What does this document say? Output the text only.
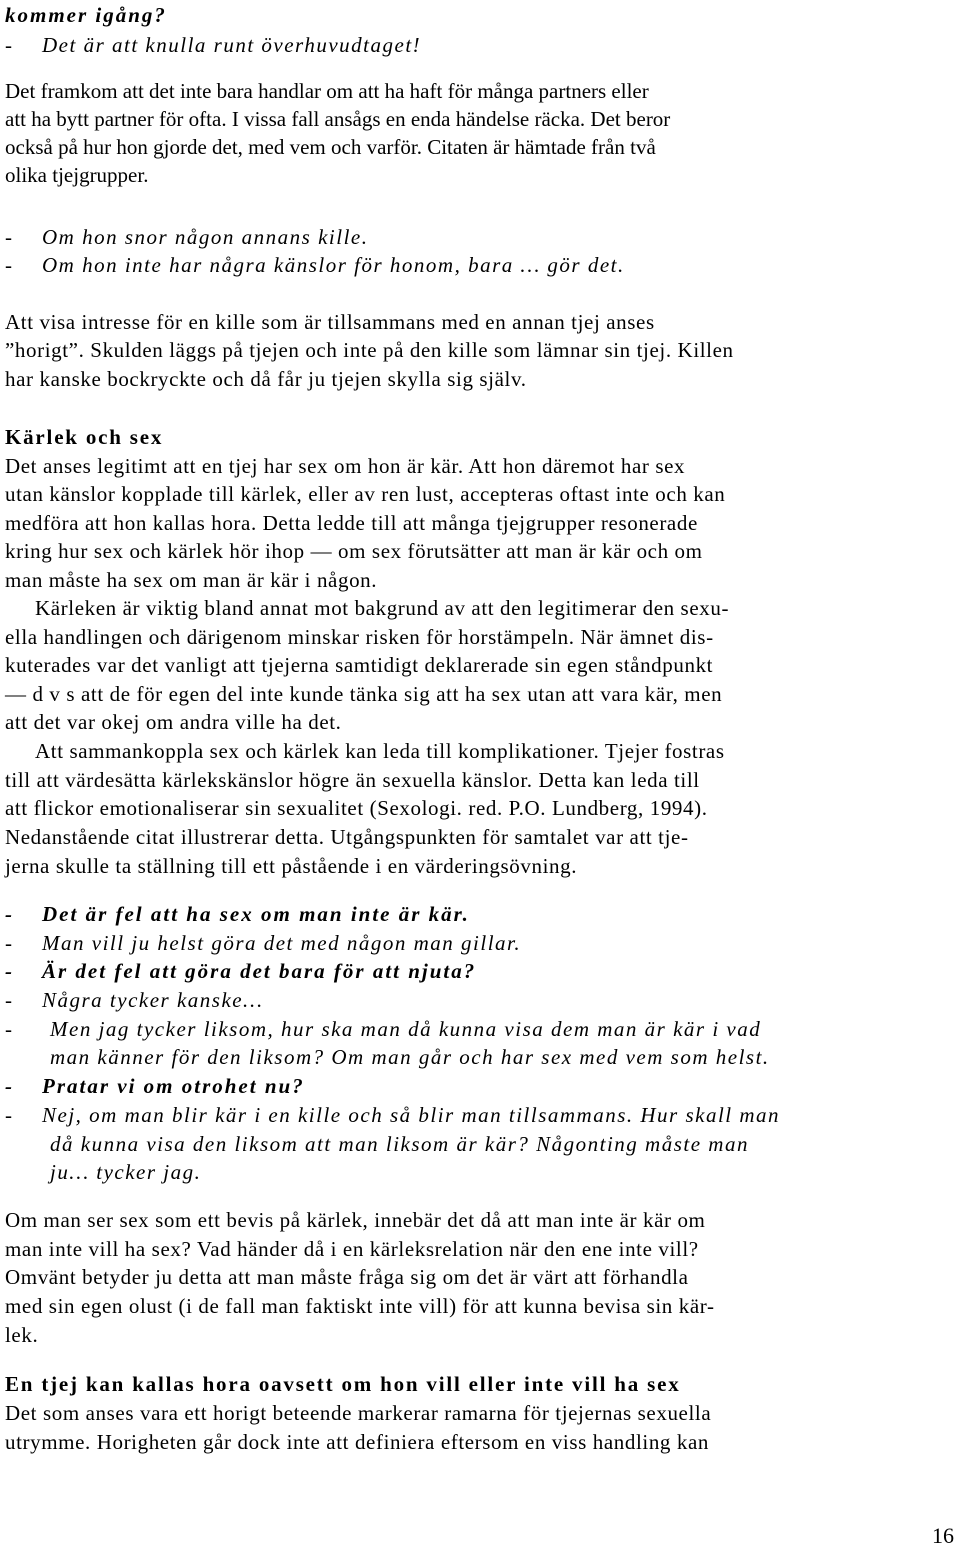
kommer igång?
- Det är att knulla runt överhuvudtaget!
Det framkom att det inte bara handlar om att ha haft för många partners eller
att ha bytt partner för ofta. I vissa fall ansågs en enda händelse räcka. Det beror
också på hur hon gjorde det, med vem och varför. Citaten är hämtade från två
olika tjejgrupper.
- Om hon snor någon annans kille.
- Om hon inte har några känslor för honom, bara … gör det.
Att visa intresse för en kille som är tillsammans med en annan tjej anses
”horigt”. Skulden läggs på tjejen och inte på den kille som lämnar sin tjej. Killen
har kanske bockryckte och då får ju tjejen skylla sig själv.
Kärlek och sex
Det anses legitimt att en tjej har sex om hon är kär. Att hon däremot har sex
utan känslor kopplade till kärlek, eller av ren lust, accepteras oftast inte och kan
medföra att hon kallas hora. Detta ledde till att många tjejgrupper resonerade
kring hur sex och kärlek hör ihop — om sex förutsätter att man är kär och om
man måste ha sex om man är kär i någon.
Kärleken är viktig bland annat mot bakgrund av att den legitimerar den sexu-
ella handlingen och därigenom minskar risken för horstämpeln. När ämnet dis-
kuterades var det vanligt att tjejerna samtidigt deklarerade sin egen ståndpunkt
— d v s att de för egen del inte kunde tänka sig att ha sex utan att vara kär, men
att det var okej om andra ville ha det.
Att sammankoppla sex och kärlek kan leda till komplikationer. Tjejer fostras
till att värdesätta kärlekskänslor högre än sexuella känslor. Detta kan leda till
att flickor emotionaliserar sin sexualitet (Sexologi. red. P.O. Lundberg, 1994).
Nedanstående citat illustrerar detta. Utgångspunkten för samtalet var att tje-
jerna skulle ta ställning till ett påstående i en värderingsövning.
- Det är fel att ha sex om man inte är kär.
- Man vill ju helst göra det med någon man gillar.
- Är det fel att göra det bara för att njuta?
- Några tycker kanske…
- Men jag tycker liksom, hur ska man då kunna visa dem man är kär i vad
man känner för den liksom? Om man går och har sex med vem som helst.
- Pratar vi om otrohet nu?
- Nej, om man blir kär i en kille och så blir man tillsammans. Hur skall man
då kunna visa den liksom att man liksom är kär? Någonting måste man
ju… tycker jag.
Om man ser sex som ett bevis på kärlek, innebär det då att man inte är kär om
man inte vill ha sex? Vad händer då i en kärleksrelation när den ene inte vill?
Omvänt betyder ju detta att man måste fråga sig om det är värt att förhandla
med sin egen olust (i de fall man faktiskt inte vill) för att kunna bevisa sin kär-
lek.
En tjej kan kallas hora oavsett om hon vill eller inte vill ha sex
Det som anses vara ett horigt beteende markerar ramarna för tjejernas sexuella
utrymme. Horigheten går dock inte att definiera eftersom en viss handling kan
16
